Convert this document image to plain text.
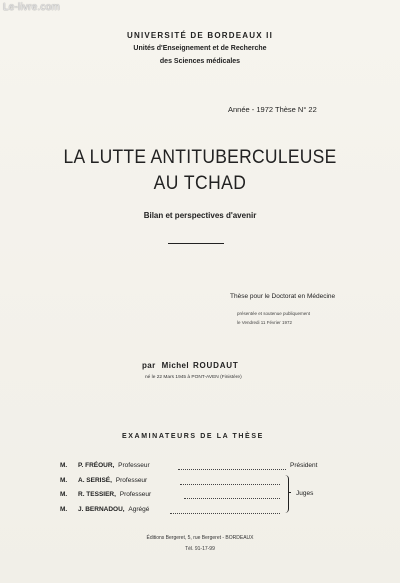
Le-livre.com
UNIVERSITÉ DE BORDEAUX II
Unités d'Enseignement et de Recherche
des Sciences médicales
Année - 1972 Thèse N° 22
LA LUTTE ANTITUBERCULEUSE
AU TCHAD
Bilan et perspectives d'avenir
Thèse pour le Doctorat en Médecine
présentée et soutenue publiquement
le Vendredi 11 Février 1972
par Michel ROUDAUT
né le 22 Mars 1945 à PONT-AVEN (Finistère)
EXAMINATEURS DE LA THÈSE
M. P. FRÉOUR, Professeur	Président
M. A. SERISÉ, Professeur
M. R. TESSIER, Professeur
M. J. BERNADOU, Agrégé
Juges
Éditions Bergeret, 5, rue Bergeret - BORDEAUX
Tél. 91-17-99
